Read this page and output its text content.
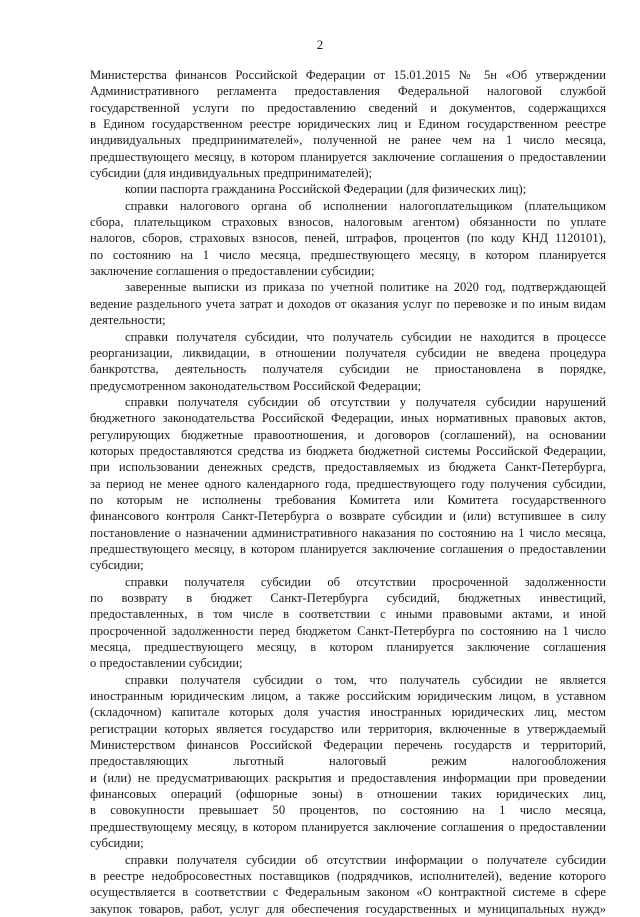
2
Министерства финансов Российской Федерации от 15.01.2015 № 5н «Об утверждении
Административного регламента предоставления Федеральной налоговой службой
государственной услуги по предоставлению сведений и документов, содержащихся
в Едином государственном реестре юридических лиц и Едином государственном реестре
индивидуальных предпринимателей», полученной не ранее чем на 1 число месяца,
предшествующего месяцу, в котором планируется заключение соглашения о предоставлении
субсидии (для индивидуальных предпринимателей);
копии паспорта гражданина Российской Федерации (для физических лиц);
справки налогового органа об исполнении налогоплательщиком (плательщиком
сбора, плательщиком страховых взносов, налоговым агентом) обязанности по уплате
налогов, сборов, страховых взносов, пеней, штрафов, процентов (по коду КНД 1120101),
по состоянию на 1 число месяца, предшествующего месяцу, в котором планируется
заключение соглашения о предоставлении субсидии;
заверенные выписки из приказа по учетной политике на 2020 год, подтверждающей
ведение раздельного учета затрат и доходов от оказания услуг по перевозке и по иным видам
деятельности;
справки получателя субсидии, что получатель субсидии не находится в процессе
реорганизации, ликвидации, в отношении получателя субсидии не введена процедура
банкротства, деятельность получателя субсидии не приостановлена в порядке,
предусмотренном законодательством Российской Федерации;
справки получателя субсидии об отсутствии у получателя субсидии нарушений
бюджетного законодательства Российской Федерации, иных нормативных правовых актов,
регулирующих бюджетные правоотношения, и договоров (соглашений), на основании
которых предоставляются средства из бюджета бюджетной системы Российской Федерации,
при использовании денежных средств, предоставляемых из бюджета Санкт-Петербурга,
за период не менее одного календарного года, предшествующего году получения субсидии,
по которым не исполнены требования Комитета или Комитета государственного
финансового контроля Санкт-Петербурга о возврате субсидии и (или) вступившее в силу
постановление о назначении административного наказания по состоянию на 1 число месяца,
предшествующего месяцу, в котором планируется заключение соглашения о предоставлении
субсидии;
справки получателя субсидии об отсутствии просроченной задолженности
по возврату в бюджет Санкт-Петербурга субсидий, бюджетных инвестиций,
предоставленных, в том числе в соответствии с иными правовыми актами, и иной
просроченной задолженности перед бюджетом Санкт-Петербурга по состоянию на 1 число
месяца, предшествующего месяцу, в котором планируется заключение соглашения
о предоставлении субсидии;
справки получателя субсидии о том, что получатель субсидии не является
иностранным юридическим лицом, а также российским юридическим лицом, в уставном
(складочном) капитале которых доля участия иностранных юридических лиц, местом
регистрации которых является государство или территория, включенные в утверждаемый
Министерством финансов Российской Федерации перечень государств и территорий,
предоставляющих льготный налоговый режим налогообложения
и (или) не предусматривающих раскрытия и предоставления информации при проведении
финансовых операций (офшорные зоны) в отношении таких юридических лиц,
в совокупности превышает 50 процентов, по состоянию на 1 число месяца,
предшествующему месяцу, в котором планируется заключение соглашения о предоставлении
субсидии;
справки получателя субсидии об отсутствии информации о получателе субсидии
в реестре недобросовестных поставщиков (подрядчиков, исполнителей), ведение которого
осуществляется в соответствии с Федеральным законом «О контрактной системе в сфере
закупок товаров, работ, услуг для обеспечения государственных и муниципальных нужд»
